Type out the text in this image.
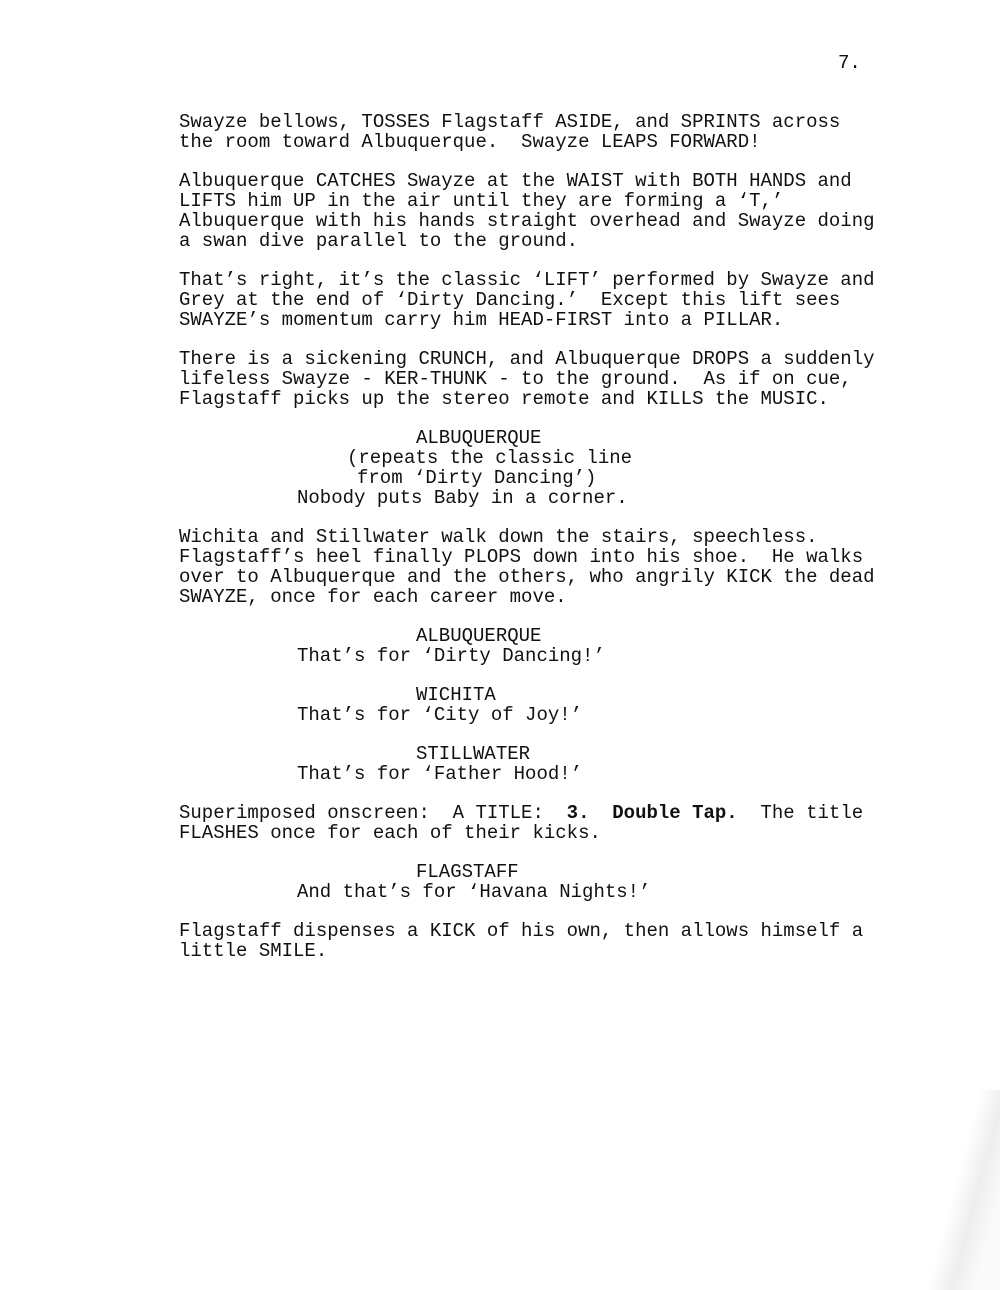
7.
Swayze bellows, TOSSES Flagstaff ASIDE, and SPRINTS across
the room toward Albuquerque.  Swayze LEAPS FORWARD!
Albuquerque CATCHES Swayze at the WAIST with BOTH HANDS and
LIFTS him UP in the air until they are forming a ‘T,’
Albuquerque with his hands straight overhead and Swayze doing
a swan dive parallel to the ground.
That’s right, it’s the classic ‘LIFT’ performed by Swayze and
Grey at the end of ‘Dirty Dancing.’  Except this lift sees
SWAYZE’s momentum carry him HEAD-FIRST into a PILLAR.
There is a sickening CRUNCH, and Albuquerque DROPS a suddenly
lifeless Swayze - KER-THUNK - to the ground.  As if on cue,
Flagstaff picks up the stereo remote and KILLS the MUSIC.
ALBUQUERQUE
(repeats the classic line
from ‘Dirty Dancing’)
Nobody puts Baby in a corner.
Wichita and Stillwater walk down the stairs, speechless.
Flagstaff’s heel finally PLOPS down into his shoe.  He walks
over to Albuquerque and the others, who angrily KICK the dead
SWAYZE, once for each career move.
ALBUQUERQUE
That’s for ‘Dirty Dancing!’
WICHITA
That’s for ‘City of Joy!’
STILLWATER
That’s for ‘Father Hood!’
Superimposed onscreen:  A TITLE:  3.  Double Tap.  The title
FLASHES once for each of their kicks.
FLAGSTAFF
And that’s for ‘Havana Nights!’
Flagstaff dispenses a KICK of his own, then allows himself a
little SMILE.
